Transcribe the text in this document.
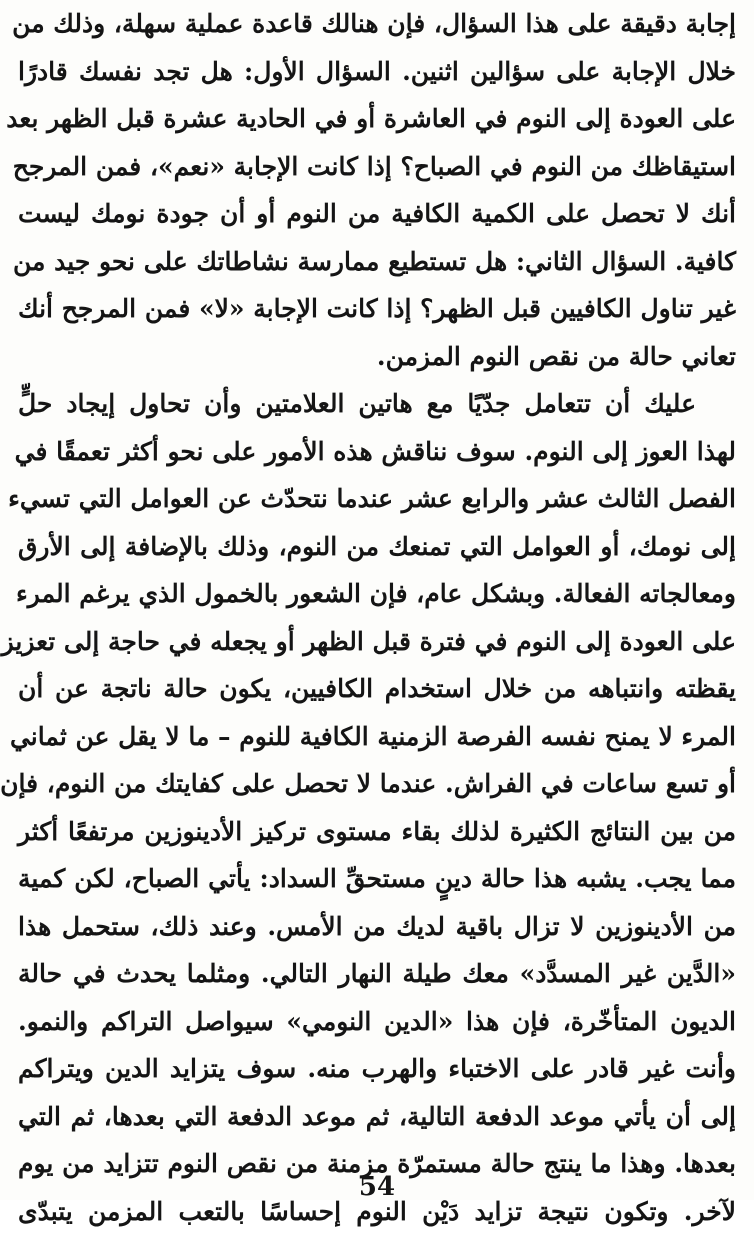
إجابة دقيقة على هذا السؤال، فإن هنالك قاعدة عملية سهلة، وذلك من
خلال الإجابة على سؤالين اثنين. السؤال الأول: هل تجد نفسك قادرًا
على العودة إلى النوم في العاشرة أو في الحادية عشرة قبل الظهر بعد
استيقاظك من النوم في الصباح؟ إذا كانت الإجابة «نعم»، فمن المرجح
أنك لا تحصل على الكمية الكافية من النوم أو أن جودة نومك ليست
كافية. السؤال الثاني: هل تستطيع ممارسة نشاطاتك على نحو جيد من
غير تناول الكافيين قبل الظهر؟ إذا كانت الإجابة «لا» فمن المرجح أنك
تعاني حالة من نقص النوم المزمن.
عليك أن تتعامل جدّيًا مع هاتين العلامتين وأن تحاول إيجاد حلٍّ
لهذا العوز إلى النوم. سوف نناقش هذه الأمور على نحو أكثر تعمقًا في
الفصل الثالث عشر والرابع عشر عندما نتحدّث عن العوامل التي تسيء
إلى نومك، أو العوامل التي تمنعك من النوم، وذلك بالإضافة إلى الأرق
ومعالجاته الفعالة. وبشكل عام، فإن الشعور بالخمول الذي يرغم المرء
على العودة إلى النوم في فترة قبل الظهر أو يجعله في حاجة إلى تعزيز
يقظته وانتباهه من خلال استخدام الكافيين، يكون حالة ناتجة عن أن
المرء لا يمنح نفسه الفرصة الزمنية الكافية للنوم – ما لا يقل عن ثماني
أو تسع ساعات في الفراش. عندما لا تحصل على كفايتك من النوم، فإن
من بين النتائج الكثيرة لذلك بقاء مستوى تركيز الأدينوزين مرتفعًا أكثر
مما يجب. يشبه هذا حالة دينٍ مستحقِّ السداد: يأتي الصباح، لكن كمية
من الأدينوزين لا تزال باقية لديك من الأمس. وعند ذلك، ستحمل هذا
«الدَّين غير المسدَّد» معك طيلة النهار التالي. ومثلما يحدث في حالة
الديون المتأخّرة، فإن هذا «الدين النومي» سيواصل التراكم والنمو.
وأنت غير قادر على الاختباء والهرب منه. سوف يتزايد الدين ويتراكم
إلى أن يأتي موعد الدفعة التالية، ثم موعد الدفعة التي بعدها، ثم التي
بعدها. وهذا ما ينتج حالة مستمرّة مزمنة من نقص النوم تتزايد من يوم
لآخر. وتكون نتيجة تزايد دَيْن النوم إحساسًا بالتعب المزمن يتبدّى
54
